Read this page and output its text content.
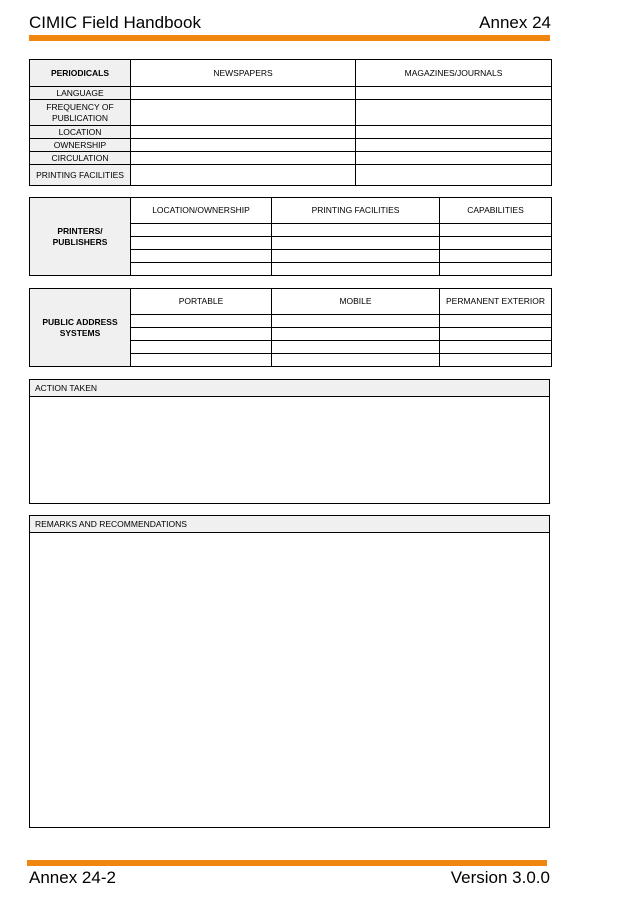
CIMIC Field Handbook	Annex 24
PERIODICALS	NEWSPAPERS	MAGAZINES/JOURNALS
LANGUAGE		
FREQUENCY OF PUBLICATION		
LOCATION		
OWNERSHIP		
CIRCULATION		
PRINTING FACILITIES		
PRINTERS/ PUBLISHERS	LOCATION/OWNERSHIP	PRINTING FACILITIES	CAPABILITIES

PUBLIC ADDRESS SYSTEMS	PORTABLE	MOBILE	PERMANENT EXTERIOR

ACTION TAKEN
REMARKS AND RECOMMENDATIONS
Annex 24-2	Version 3.0.0
